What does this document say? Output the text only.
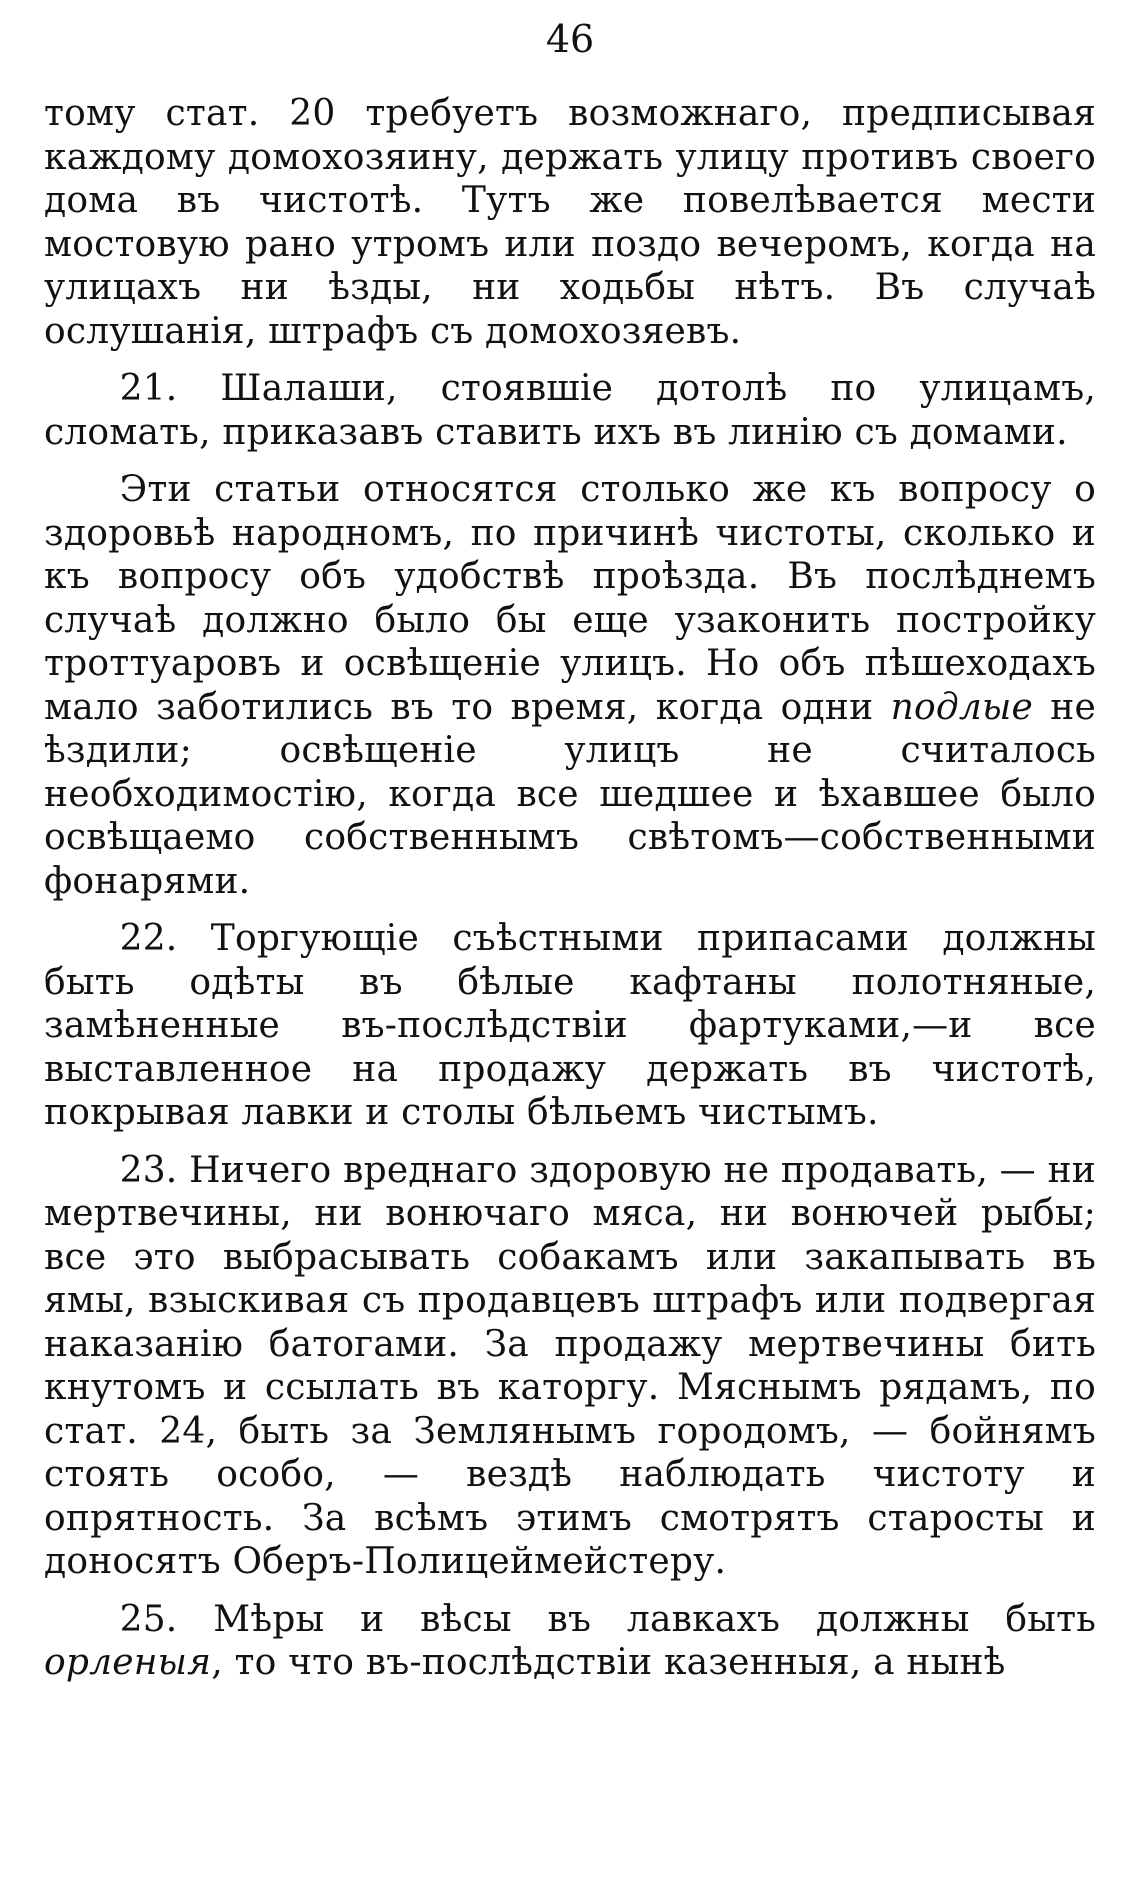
46

тому стат. 20 требуетъ возможнаго, предписывая каждому домохозяину, держать улицу противъ своего дома въ чистотѣ. Тутъ же повелѣвается мести мостовую рано утромъ или поздо вечеромъ, когда на улицахъ ни ѣзды, ни ходьбы нѣтъ. Въ случаѣ ослушанія, штрафъ съ домохозяевъ.

21. Шалаши, стоявшіе дотолѣ по улицамъ, сломать, приказавъ ставить ихъ въ линію съ домами.

Эти статьи относятся столько же къ вопросу о здоровьѣ народномъ, по причинѣ чистоты, сколько и къ вопросу объ удобствѣ проѣзда. Въ послѣднемъ случаѣ должно было бы еще узаконить постройку троттуаровъ и освѣщеніе улицъ. Но объ пѣшеходахъ мало заботились въ то время, когда одни подлые не ѣздили; освѣщеніе улицъ не считалось необходимостію, когда все шедшее и ѣхавшее было освѣщаемо собственнымъ свѣтомъ—собственными фонарями.

22. Торгующіе съѣстными припасами должны быть одѣты въ бѣлые кафтаны полотняные, замѣненные въ-послѣдствіи фартуками,—и все выставленное на продажу держать въ чистотѣ, покрывая лавки и столы бѣльемъ чистымъ.

23. Ничего вреднаго здоровую не продавать, — ни мертвечины, ни вонючаго мяса, ни вонючей рыбы; все это выбрасывать собакамъ или закапывать въ ямы, взыскивая съ продавцевъ штрафъ или подвергая наказанію батогами. За продажу мертвечины бить кнутомъ и ссылать въ каторгу. Мяснымъ рядамъ, по стат. 24, быть за Землянымъ городомъ, — бойнямъ стоять особо, — вездѣ наблюдать чистоту и опрятность. За всѣмъ этимъ смотрятъ старосты и доносятъ Оберъ-Полицеймейстеру.

25. Мѣры и вѣсы въ лавкахъ должны быть орленыя, то что въ-послѣдствіи казенныя, а нынѣ
